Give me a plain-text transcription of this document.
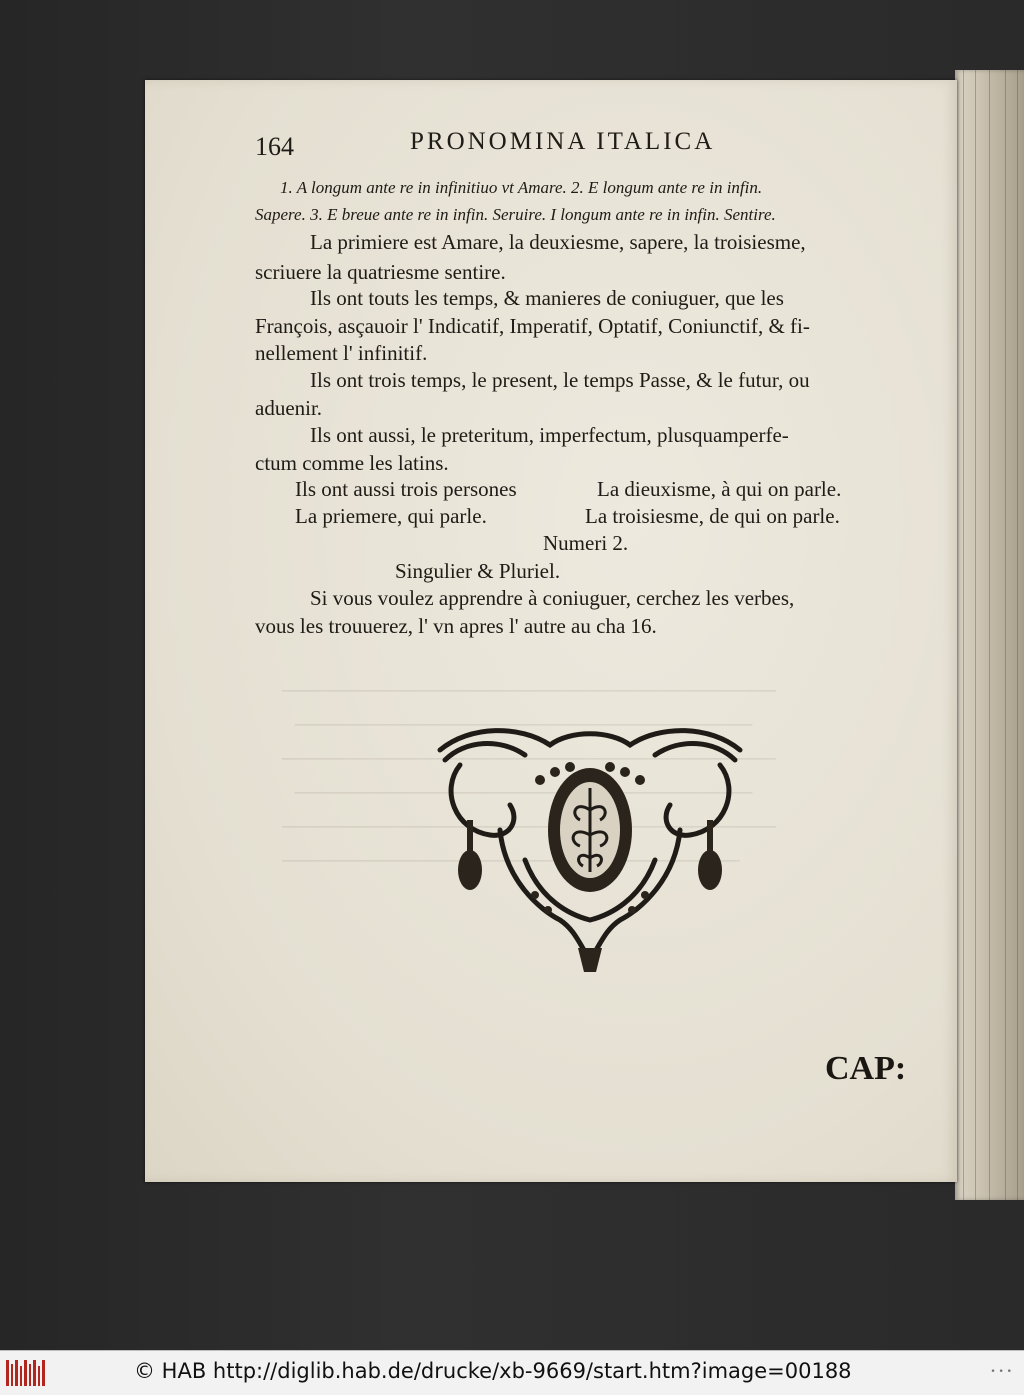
─────────────────────────────────────────
──────────────────────────────────────
─────────────────────────────────────────
──────────────────────────────────────
─────────────────────────────────────────
──────────────────────────────────────
164	PRONOMINA ITALICA
1. A longum ante re in infinitiuo vt Amare. 2. E longum ante re in infin.
Sapere. 3. E breue ante re in infin. Seruire. I longum ante re in infin. Sentire.
La primiere est Amare, la deuxiesme, sapere, la troisiesme,
scriuere la quatriesme sentire.
Ils ont touts les temps, & manieres de coniuguer, que les
François, asçauoir l' Indicatif, Imperatif, Optatif, Coniunctif, & fi-
nellement l' infinitif.
Ils ont trois temps, le present, le temps Passe, & le futur, ou
aduenir.
Ils ont aussi, le preteritum, imperfectum, plusquamperfe-
ctum comme les latins.
Ils ont aussi trois persones	La dieuxisme, à qui on parle.
La priemere, qui parle.	La troisiesme, de qui on parle.
Numeri 2.
Singulier & Pluriel.
Si vous voulez apprendre à coniuguer, cerchez les verbes,
vous les trouuerez, l' vn apres l' autre au cha 16.
CAP:
© HAB http://diglib.hab.de/drucke/xb-9669/start.htm?image=00188	• • •
